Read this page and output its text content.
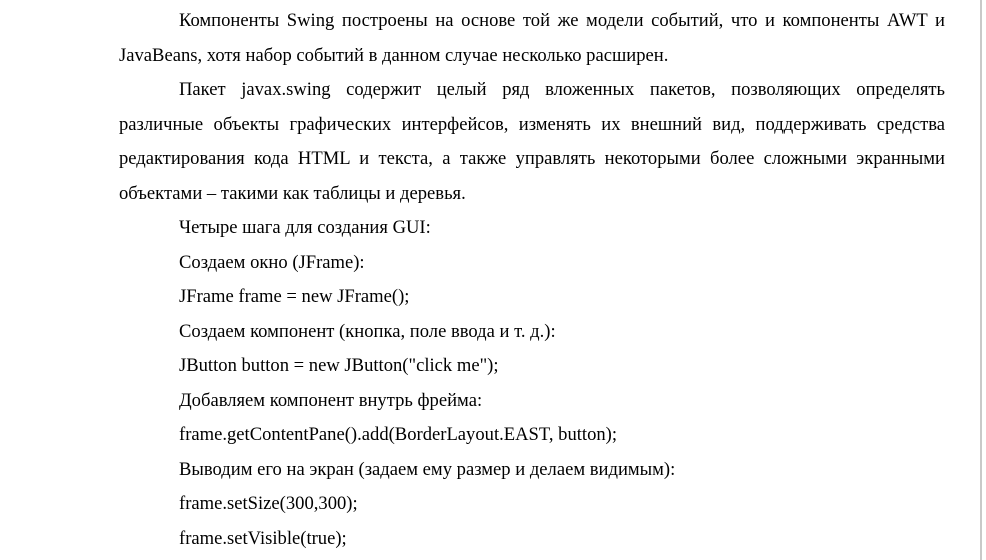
Компоненты Swing построены на основе той же модели событий, что и компоненты AWT и JavaBeans, хотя набор событий в данном случае несколько расширен.

Пакет javax.swing содержит целый ряд вложенных пакетов, позволяющих определять различные объекты графических интерфейсов, изменять их внешний вид, поддерживать средства редактирования кода HTML и текста, а также управлять некоторыми более сложными экранными объектами – такими как таблицы и деревья.

Четыре шага для создания GUI:

Создаем окно (JFrame):

JFrame frame = new JFrame();

Создаем компонент (кнопка, поле ввода и т. д.):

JButton button = new JButton("click me");

Добавляем компонент внутрь фрейма:

frame.getContentPane().add(BorderLayout.EAST, button);

Выводим его на экран (задаем ему размер и делаем видимым):

frame.setSize(300,300);

frame.setVisible(true);
